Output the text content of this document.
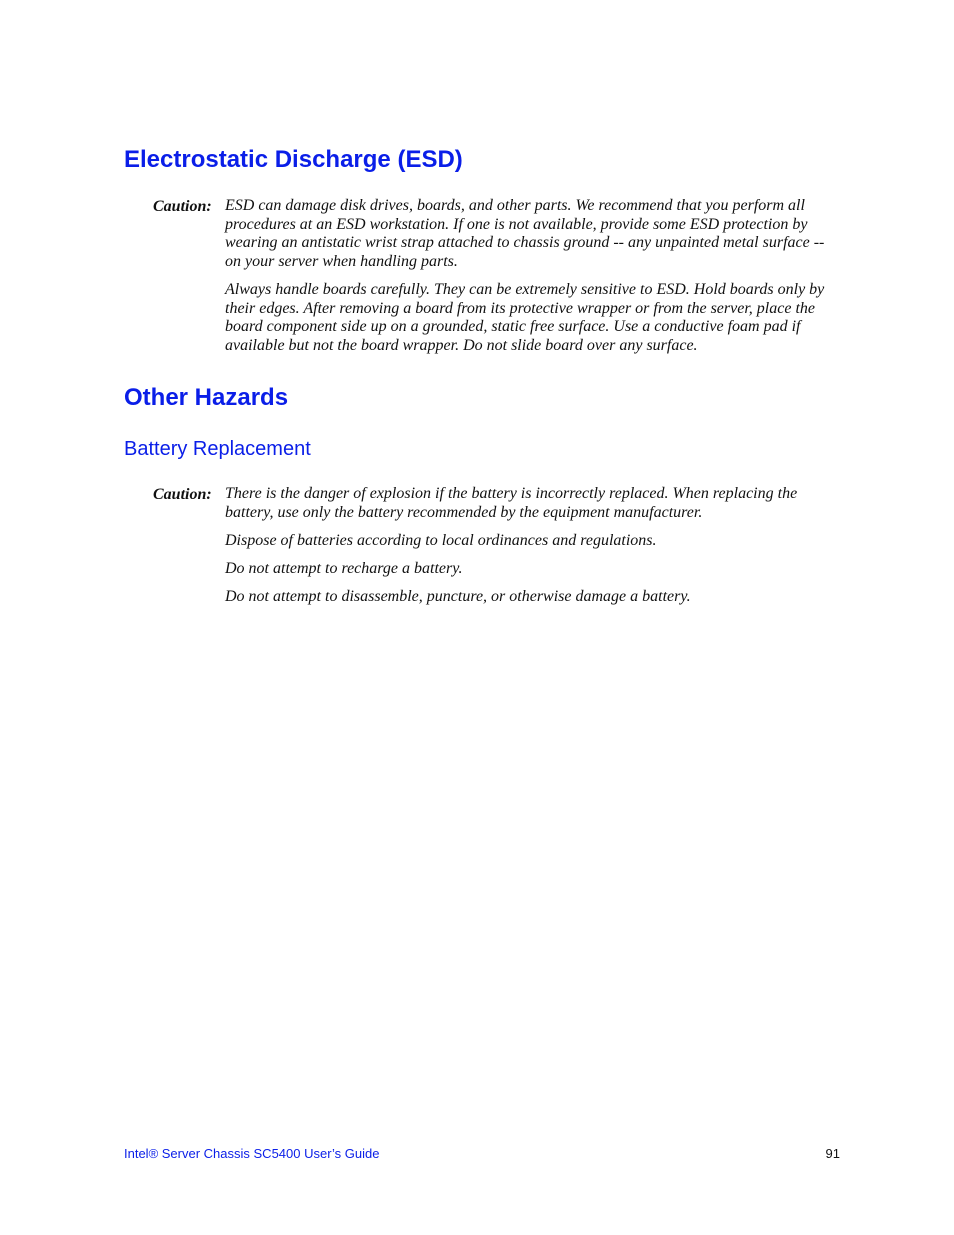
Electrostatic Discharge (ESD)
Caution: ESD can damage disk drives, boards, and other parts. We recommend that you perform all procedures at an ESD workstation. If one is not available, provide some ESD protection by wearing an antistatic wrist strap attached to chassis ground -- any unpainted metal surface -- on your server when handling parts.

Always handle boards carefully. They can be extremely sensitive to ESD. Hold boards only by their edges. After removing a board from its protective wrapper or from the server, place the board component side up on a grounded, static free surface. Use a conductive foam pad if available but not the board wrapper. Do not slide board over any surface.

Other Hazards
Battery Replacement
Caution: There is the danger of explosion if the battery is incorrectly replaced. When replacing the battery, use only the battery recommended by the equipment manufacturer.

Dispose of batteries according to local ordinances and regulations.

Do not attempt to recharge a battery.

Do not attempt to disassemble, puncture, or otherwise damage a battery.

Intel® Server Chassis SC5400 User’s Guide	91
